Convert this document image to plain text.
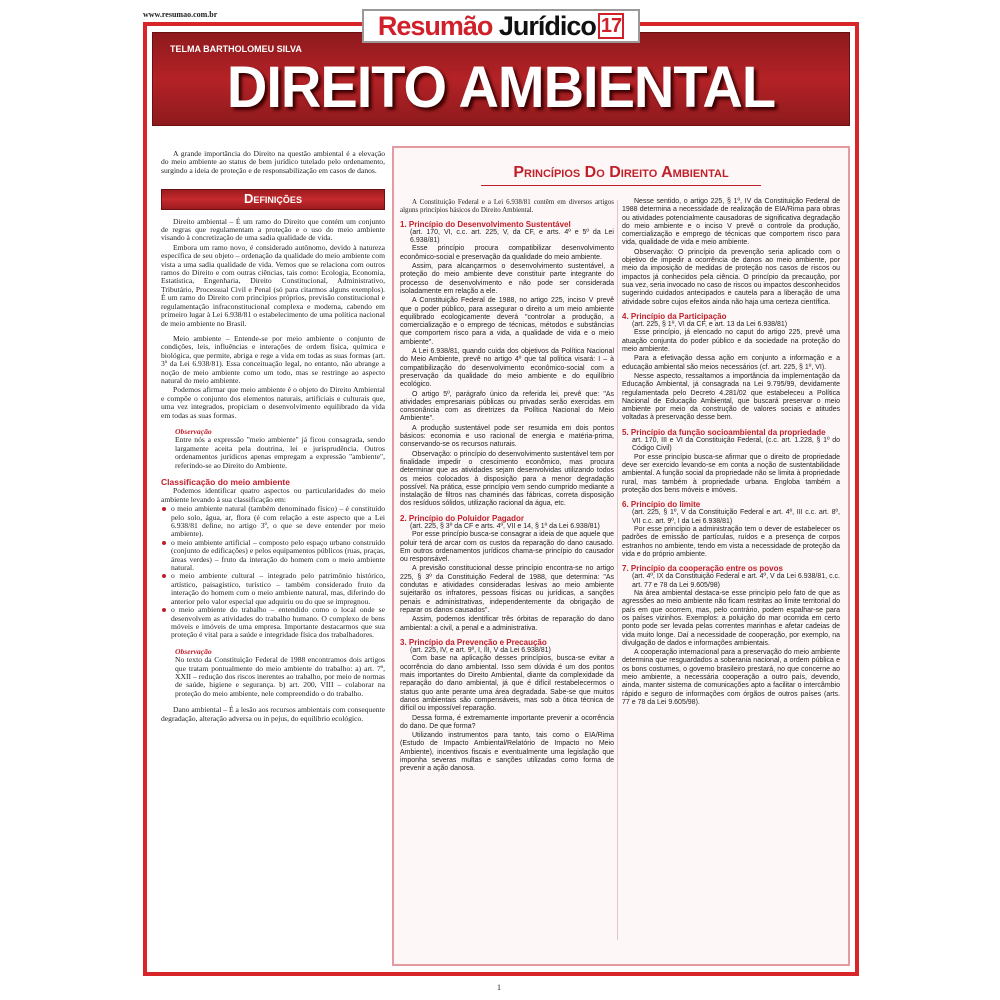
www.resumao.com.br	Resumão Jurídico 17
TELMA BARTHOLOMEU SILVA
DIREITO AMBIENTAL

A grande importância do Direito na questão ambiental é a elevação do meio ambiente ao status de bem jurídico tutelado pelo ordenamento, surgindo a ideia de proteção e de responsabilização em casos de danos.

Definições

Direito ambiental – É um ramo do Direito que contém um conjunto de regras que regulamentam a proteção e o uso do meio ambiente visando à concretização de uma sadia qualidade de vida.

Embora um ramo novo, é considerado autônomo, devido à natureza específica de seu objeto – ordenação da qualidade do meio ambiente com vista a uma sadia qualidade de vida. Vemos que se relaciona com outros ramos do Direito e com outras ciências, tais como: Ecologia, Economia, Estatística, Engenharia, Direito Constitucional, Administrativo, Tributário, Processual Civil e Penal (só para citarmos alguns exemplos). É um ramo do Direito com princípios próprios, previsão constitucional e regulamentação infraconstitucional complexa e moderna, cabendo em primeiro lugar à Lei 6.938/81 o estabelecimento de uma política nacional de meio ambiente no Brasil.

Meio ambiente – Entende-se por meio ambiente o conjunto de condições, leis, influências e interações de ordem física, química e biológica, que permite, abriga e rege a vida em todas as suas formas (art. 3º da Lei 6.938/81). Essa conceituação legal, no entanto, não abrange a noção de meio ambiente como um todo, mas se restringe ao aspecto natural do meio ambiente.

Podemos afirmar que meio ambiente é o objeto do Direito Ambiental e compõe o conjunto dos elementos naturais, artificiais e culturais que, uma vez integrados, propiciam o desenvolvimento equilibrado da vida em todas as suas formas.

Observação
Entre nós a expressão "meio ambiente" já ficou consagrada, sendo largamente aceita pela doutrina, lei e jurisprudência. Outros ordenamentos jurídicos apenas empregam a expressão "ambiente", referindo-se ao Direito do Ambiente.
Classificação do meio ambiente

Podemos identificar quatro aspectos ou particularidades do meio ambiente levando à sua classificação em:

o meio ambiente natural (também denominado físico) – é constituído pelo solo, água, ar, flora (é com relação a este aspecto que a Lei 6.938/81 define, no artigo 3º, o que se deve entender por meio ambiente).
o meio ambiente artificial – composto pelo espaço urbano construído (conjunto de edificações) e pelos equipamentos públicos (ruas, praças, áreas verdes) – fruto da interação do homem com o meio ambiente natural.
o meio ambiente cultural – integrado pelo patrimônio histórico, artístico, paisagístico, turístico – também considerado fruto da interação do homem com o meio ambiente natural, mas, diferindo do anterior pelo valor especial que adquiriu ou do que se impregnou.
o meio ambiente do trabalho – entendido como o local onde se desenvolvem as atividades do trabalho humano. O complexo de bens móveis e imóveis de uma empresa. Importante destacarmos que sua proteção é vital para a saúde e integridade física dos trabalhadores.
Observação
No texto da Constituição Federal de 1988 encontramos dois artigos que tratam pontualmente do meio ambiente do trabalho: a) art. 7º, XXII – redução dos riscos inerentes ao trabalho, por meio de normas de saúde, higiene e segurança. b) art. 200, VIII – colaborar na proteção do meio ambiente, nele compreendido o do trabalho.

Dano ambiental – É a lesão aos recursos ambientais com consequente degradação, alteração adversa ou in pejus, do equilíbrio ecológico.

Princípios Do Direito Ambiental

A Constituição Federal e a Lei 6.938/81 contêm em diversos artigos alguns princípios básicos do Direito Ambiental.

1. Princípio do Desenvolvimento Sustentável
(art. 170, VI, c.c. art. 225, V, da CF, e arts. 4º e 5º da Lei 6.938/81)

Esse princípio procura compatibilizar desenvolvimento econômico-social e preservação da qualidade do meio ambiente.

Assim, para alcançarmos o desenvolvimento sustentável, a proteção do meio ambiente deve constituir parte integrante do processo de desenvolvimento e não pode ser considerada isoladamente em relação a ele.

A Constituição Federal de 1988, no artigo 225, inciso V prevê que o poder público, para assegurar o direito a um meio ambiente equilibrado ecologicamente deverá "controlar a produção, a comercialização e o emprego de técnicas, métodos e substâncias que comportem risco para a vida, a qualidade de vida e o meio ambiente".

A Lei 6.938/81, quando cuida dos objetivos da Política Nacional do Meio Ambiente, prevê no artigo 4º que tal política visará: I – à compatibilização do desenvolvimento econômico-social com a preservação da qualidade do meio ambiente e do equilíbrio ecológico.

O artigo 5º, parágrafo único da referida lei, prevê que: "As atividades empresariais públicas ou privadas serão exercidas em consonância com as diretrizes da Política Nacional do Meio Ambiente".

A produção sustentável pode ser resumida em dois pontos básicos: economia e uso racional de energia e matéria-prima, conservando-se os recursos naturais.

Observação: o princípio do desenvolvimento sustentável tem por finalidade impedir o crescimento econômico, mas procura determinar que as atividades sejam desenvolvidas utilizando todos os meios colocados à disposição para a menor degradação possível. Na prática, esse princípio vem sendo cumprido mediante a instalação de filtros nas chaminés das fábricas, correta disposição dos resíduos sólidos, utilização racional da água, etc.

2. Princípio do Poluidor Pagador
(art. 225, § 3º da CF e arts. 4º, VII e 14, § 1º da Lei 6.938/81)

Por esse princípio busca-se consagrar a ideia de que aquele que poluir terá de arcar com os custos da reparação do dano causado. Em outros ordenamentos jurídicos chama-se princípio do causador ou responsável.

A previsão constitucional desse princípio encontra-se no artigo 225, § 3º da Constituição Federal de 1988, que determina: "As condutas e atividades consideradas lesivas ao meio ambiente sujeitarão os infratores, pessoas físicas ou jurídicas, a sanções penais e administrativas, independentemente da obrigação de reparar os danos causados".

Assim, podemos identificar três órbitas de reparação do dano ambiental: a civil, a penal e a administrativa.

3. Princípio da Prevenção e Precaução
(art. 225, IV, e art. 9º, I, III, V da Lei 6.938/81)

Com base na aplicação desses princípios, busca-se evitar a ocorrência do dano ambiental. Isso sem dúvida é um dos pontos mais importantes do Direito Ambiental, diante da complexidade da reparação do dano ambiental, já que é difícil restabelecermos o status quo ante perante uma área degradada. Sabe-se que muitos danos ambientais são compensáveis, mas sob a ótica técnica de difícil ou impossível reparação.

Dessa forma, é extremamente importante prevenir a ocorrência do dano. De que forma?

Utilizando instrumentos para tanto, tais como o EIA/Rima (Estudo de Impacto Ambiental/Relatório de Impacto no Meio Ambiente), incentivos fiscais e eventualmente uma legislação que imponha severas multas e sanções utilizadas como forma de prevenir a ação danosa.

Nesse sentido, o artigo 225, § 1º, IV da Constituição Federal de 1988 determina a necessidade de realização de EIA/Rima para obras ou atividades potencialmente causadoras de significativa degradação do meio ambiente e o inciso V prevê o controle da produção, comercialização e emprego de técnicas que comportem risco para vida, qualidade de vida e meio ambiente.

Observação: O princípio da prevenção seria aplicado com o objetivo de impedir a ocorrência de danos ao meio ambiente, por meio da imposição de medidas de proteção nos casos de riscos ou impactos já conhecidos pela ciência. O princípio da precaução, por sua vez, seria invocado no caso de riscos ou impactos desconhecidos sugerindo cuidados antecipados e cautela para a liberação de uma atividade sobre cujos efeitos ainda não haja uma certeza científica.

4. Princípio da Participação
(art. 225, § 1º, VI da CF, e art. 13 da Lei 6.938/81)

Esse princípio, já elencado no caput do artigo 225, prevê uma atuação conjunta do poder público e da sociedade na proteção do meio ambiente.

Para a efetivação dessa ação em conjunto a informação e a educação ambiental são meios necessários (cf. art. 225, § 1º, VI).

Nesse aspecto, ressaltamos a importância da implementação da Educação Ambiental, já consagrada na Lei 9.795/99, devidamente regulamentada pelo Decreto 4.281/02 que estabeleceu a Política Nacional de Educação Ambiental, que buscará preservar o meio ambiente por meio da construção de valores sociais e atitudes voltadas à preservação desse bem.

5. Princípio da função socioambiental da propriedade
art. 170, III e VI da Constituição Federal, (c.c. art. 1.228, § 1º do Código Civil)

Por esse princípio busca-se afirmar que o direito de propriedade deve ser exercido levando-se em conta a noção de sustentabilidade ambiental. A função social da propriedade não se limita à propriedade rural, mas também à propriedade urbana. Engloba também a proteção dos bens móveis e imóveis.

6. Princípio do limite
(art. 225, § 1º, V da Constituição Federal e art. 4º, III c.c. art. 8º, VII c.c. art. 9º, I da Lei 6.938/81)

Por esse princípio a administração tem o dever de estabelecer os padrões de emissão de partículas, ruídos e a presença de corpos estranhos no ambiente, tendo em vista a necessidade de proteção da vida e do próprio ambiente.

7. Princípio da cooperação entre os povos
(art. 4º, IX da Constituição Federal e art. 4º, V da Lei 6.938/81, c.c. art. 77 e 78 da Lei 9.605/98)

Na área ambiental destaca-se esse princípio pelo fato de que as agressões ao meio ambiente não ficam restritas ao limite territorial do país em que ocorrem, mas, pelo contrário, podem espalhar-se para os países vizinhos. Exemplos: a poluição do mar ocorrida em certo ponto pode ser levada pelas correntes marinhas e afetar cadeias de vida muito longe. Daí a necessidade de cooperação, por exemplo, na divulgação de dados e informações ambientais.

A cooperação internacional para a preservação do meio ambiente determina que resguardados a soberania nacional, a ordem pública e os bons costumes, o governo brasileiro prestará, no que concerne ao meio ambiente, a necessária cooperação a outro país, devendo, ainda, manter sistema de comunicações apto a facilitar o intercâmbio rápido e seguro de informações com órgãos de outros países (arts. 77 e 78 da Lei 9.605/98).

1
